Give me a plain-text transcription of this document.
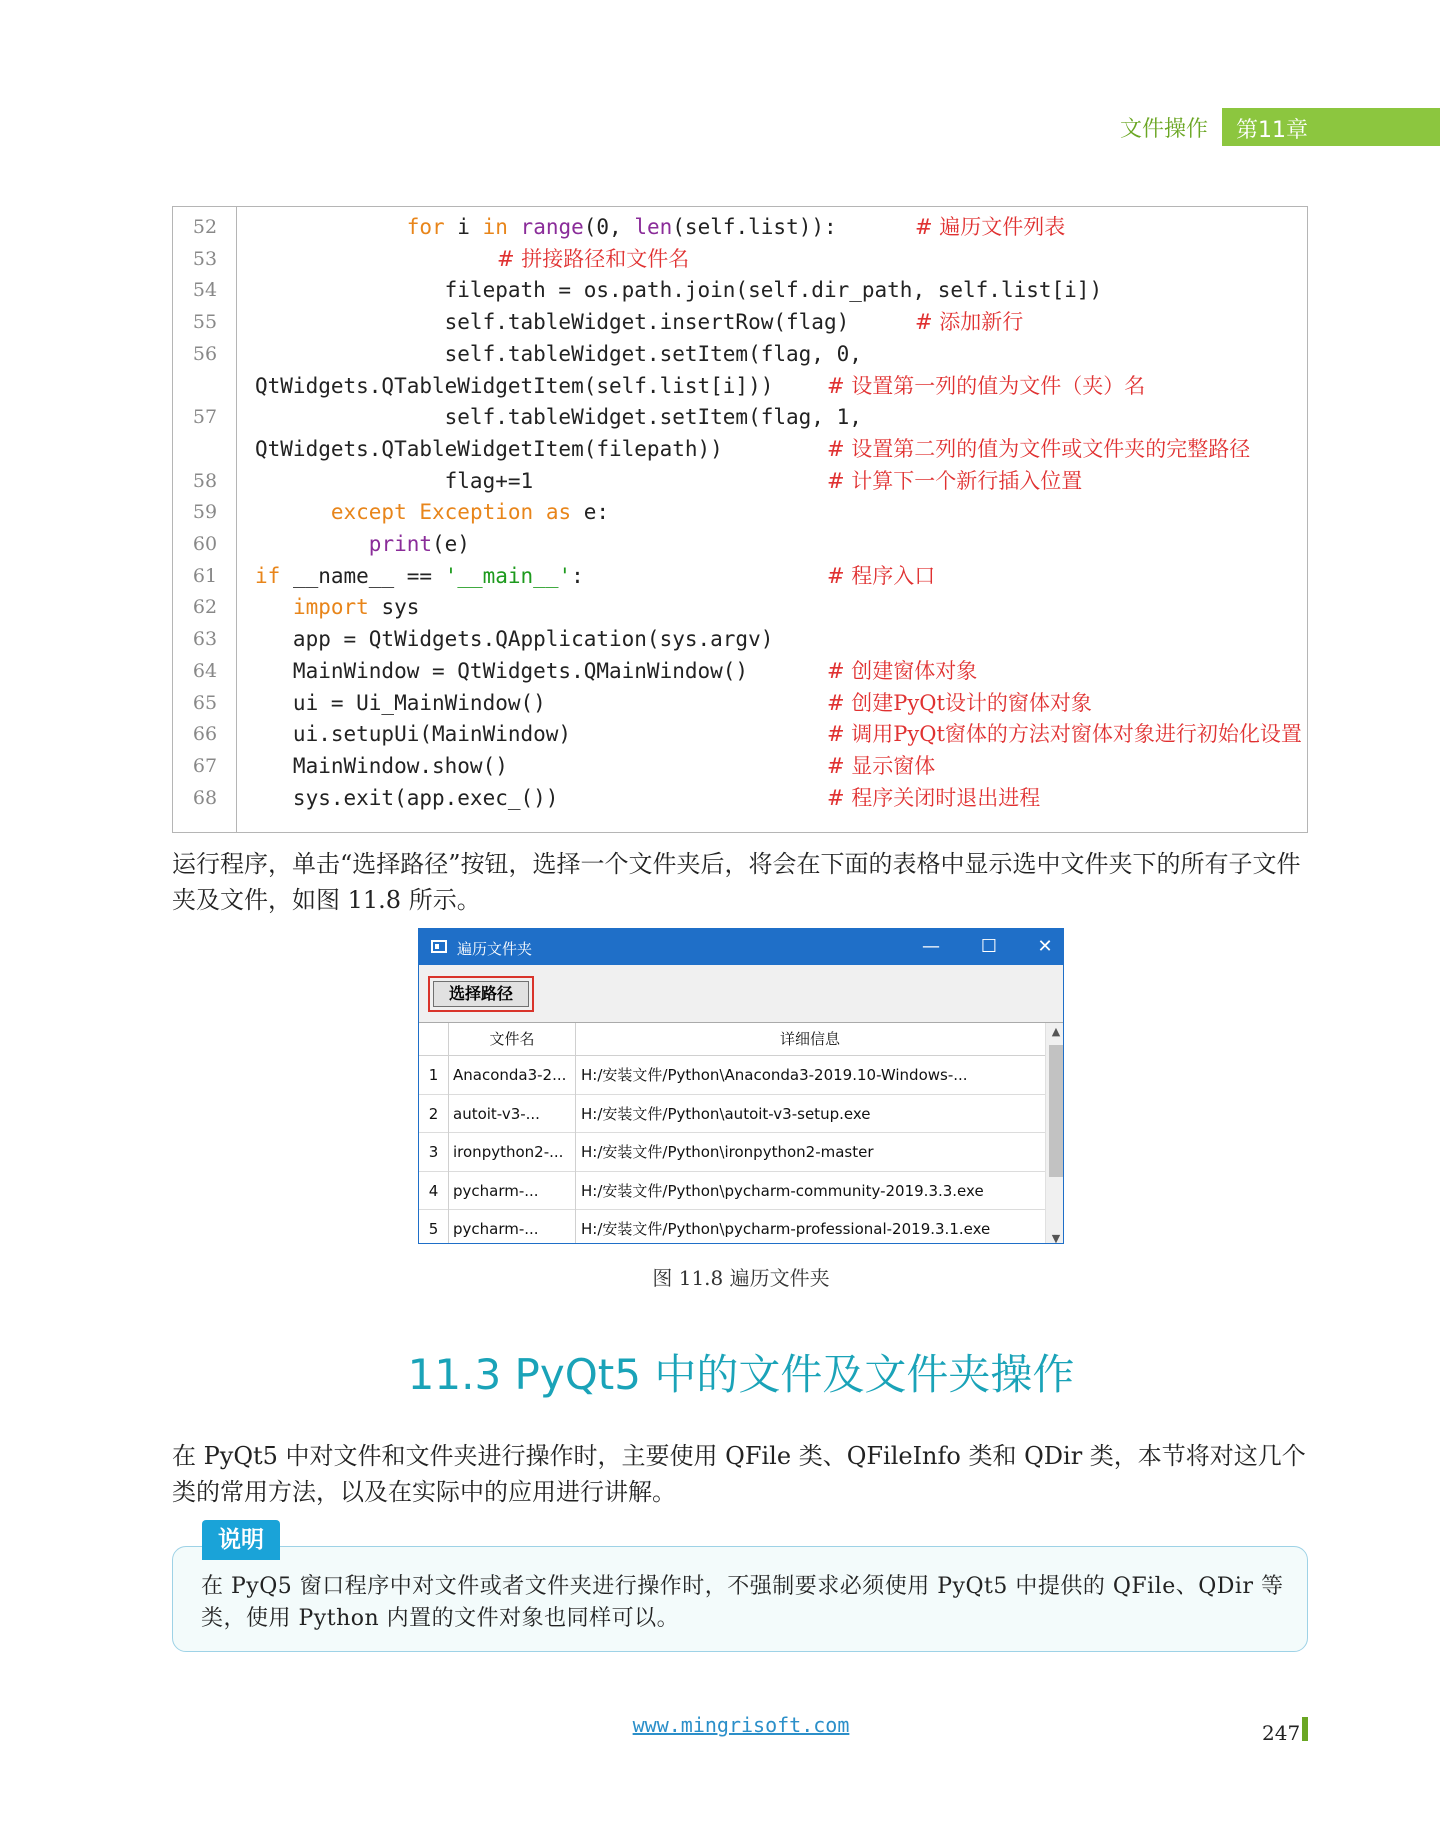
文件操作	第11章
52	for i in range(0, len(self.list)):	# 遍历文件列表
53	# 拼接路径和文件名
54	filepath = os.path.join(self.dir_path, self.list[i])
55	self.tableWidget.insertRow(flag)	# 添加新行
56	self.tableWidget.setItem(flag, 0,
QtWidgets.QTableWidgetItem(self.list[i]))	# 设置第一列的值为文件（夹）名
57	self.tableWidget.setItem(flag, 1,
QtWidgets.QTableWidgetItem(filepath))	# 设置第二列的值为文件或文件夹的完整路径
58	flag+=1	# 计算下一个新行插入位置
59	except Exception as e:
60	print(e)
61	if __name__ == '__main__':	# 程序入口
62	import sys
63	app = QtWidgets.QApplication(sys.argv)
64	MainWindow = QtWidgets.QMainWindow()	# 创建窗体对象
65	ui = Ui_MainWindow()	# 创建PyQt设计的窗体对象
66	ui.setupUi(MainWindow)	# 调用PyQt窗体的方法对窗体对象进行初始化设置
67	MainWindow.show()	# 显示窗体
68	sys.exit(app.exec_())	# 程序关闭时退出进程
运行程序，单击“选择路径”按钮，选择一个文件夹后，将会在下面的表格中显示选中文件夹下的所有子文件夹及文件，如图 11.8 所示。
遍历文件夹	—	☐	✕
选择路径
文件名	详细信息
1 Anaconda3-2... H:/安装文件/Python\Anaconda3-2019.10-Windows-...
2 autoit-v3-...	H:/安装文件/Python\autoit-v3-setup.exe
3 ironpython2-...	H:/安装文件/Python\ironpython2-master
4 pycharm-...	H:/安装文件/Python\pycharm-community-2019.3.3.exe
5 pycharm-...	H:/安装文件/Python\pycharm-professional-2019.3.1.exe
▲
▼
图 11.8 遍历文件夹
11.3 PyQt5 中的文件及文件夹操作
在 PyQt5 中对文件和文件夹进行操作时，主要使用 QFile 类、QFileInfo 类和 QDir 类，本节将对这几个类的常用方法，以及在实际中的应用进行讲解。
在 PyQ5 窗口程序中对文件或者文件夹进行操作时，不强制要求必须使用 PyQt5 中提供的 QFile、QDir 等类，使用 Python 内置的文件对象也同样可以。
说明
www.mingrisoft.com	247
